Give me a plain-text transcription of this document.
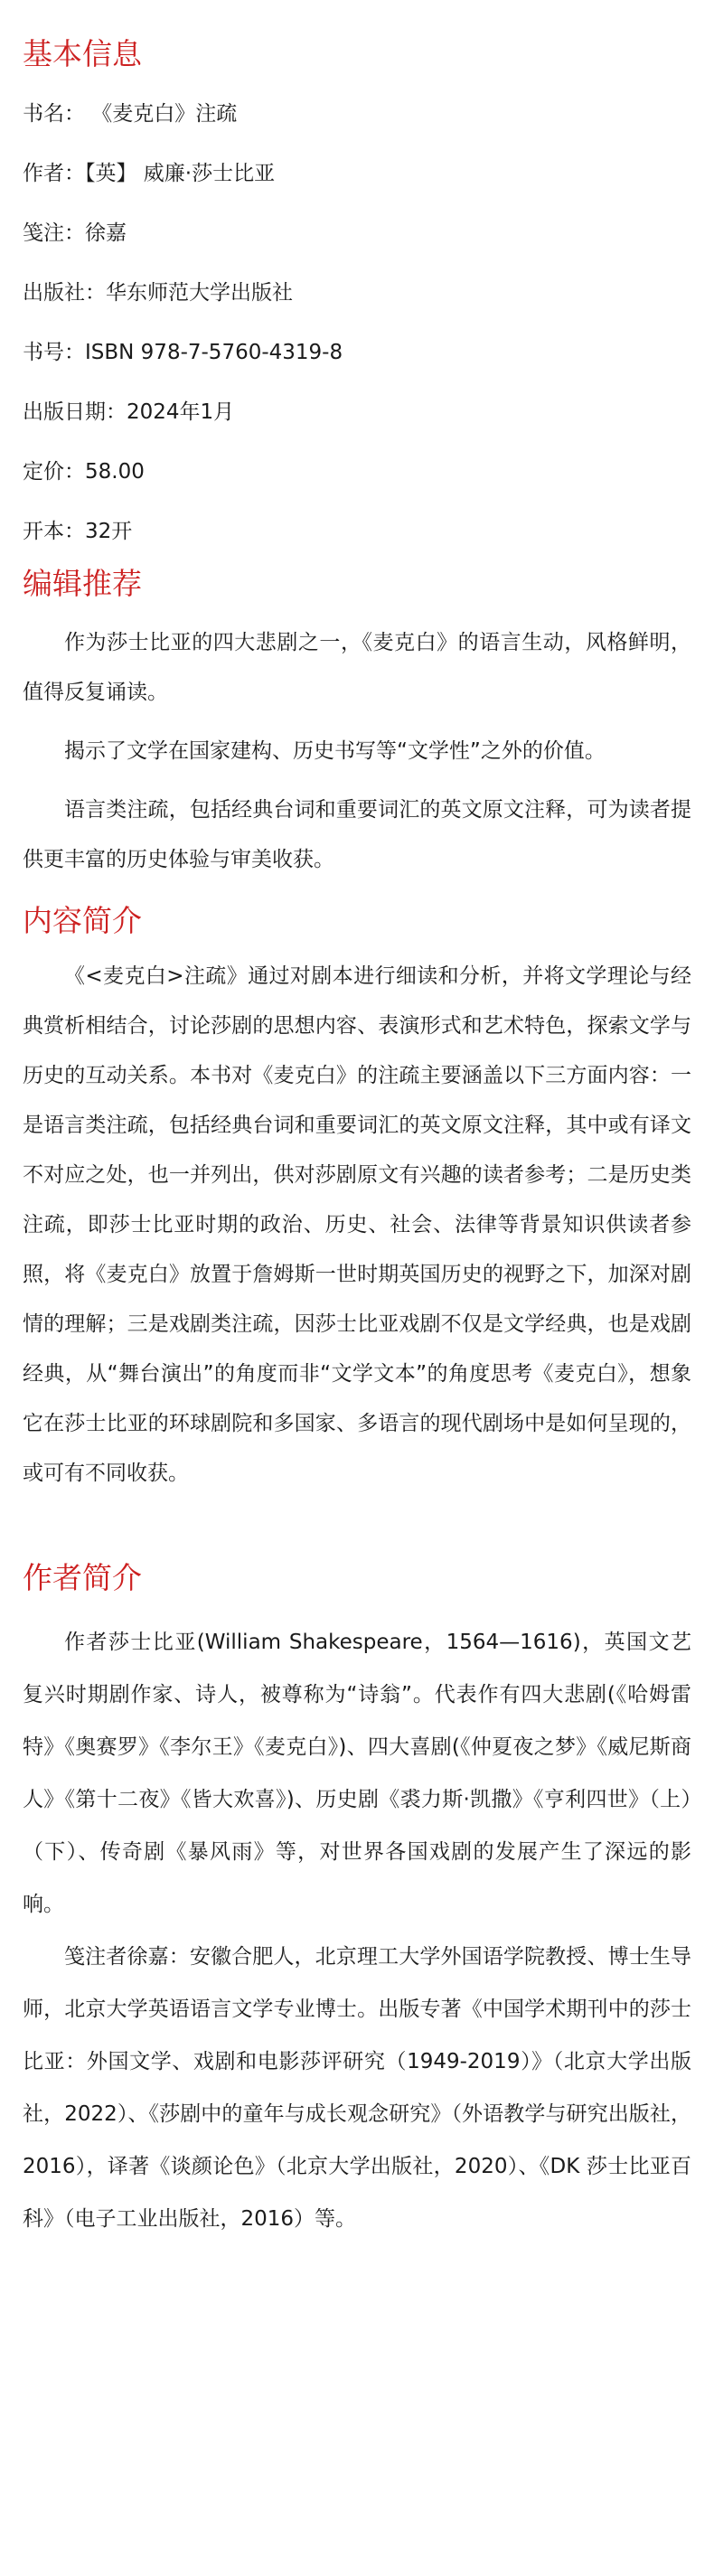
基本信息
书名： 《麦克白》注疏
作者：【英】 威廉·莎士比亚
笺注：徐嘉
出版社：华东师范大学出版社
书号：ISBN 978-7-5760-4319-8
出版日期：2024年1月
定价：58.00
开本：32开
编辑推荐

作为莎士比亚的四大悲剧之一，《麦克白》的语言生动，风格鲜明，值得反复诵读。

揭示了文学在国家建构、历史书写等“文学性”之外的价值。

语言类注疏，包括经典台词和重要词汇的英文原文注释，可为读者提供更丰富的历史体验与审美收获。

内容简介

《<麦克白>注疏》通过对剧本进行细读和分析，并将文学理论与经典赏析相结合，讨论莎剧的思想内容、表演形式和艺术特色，探索文学与历史的互动关系。本书对《麦克白》的注疏主要涵盖以下三方面内容：一是语言类注疏，包括经典台词和重要词汇的英文原文注释，其中或有译文不对应之处，也一并列出，供对莎剧原文有兴趣的读者参考；二是历史类注疏，即莎士比亚时期的政治、历史、社会、法律等背景知识供读者参照，将《麦克白》放置于詹姆斯一世时期英国历史的视野之下，加深对剧情的理解；三是戏剧类注疏，因莎士比亚戏剧不仅是文学经典，也是戏剧经典，从“舞台演出”的角度而非“文学文本”的角度思考《麦克白》，想象它在莎士比亚的环球剧院和多国家、多语言的现代剧场中是如何呈现的，或可有不同收获。

作者简介

作者莎士比亚(William Shakespeare，1564—1616)，英国文艺复兴时期剧作家、诗人，被尊称为“诗翁”。代表作有四大悲剧(《哈姆雷特》《奥赛罗》《李尔王》《麦克白》)、四大喜剧(《仲夏夜之梦》《威尼斯商人》《第十二夜》《皆大欢喜》)、历史剧《裘力斯·凯撒》《亨利四世》（上）（下）、传奇剧《暴风雨》等，对世界各国戏剧的发展产生了深远的影响。

笺注者徐嘉：安徽合肥人，北京理工大学外国语学院教授、博士生导师，北京大学英语语言文学专业博士。出版专著《中国学术期刊中的莎士比亚：外国文学、戏剧和电影莎评研究（1949-2019）》（北京大学出版社，2022）、《莎剧中的童年与成长观念研究》（外语教学与研究出版社，2016），译著《谈颜论色》（北京大学出版社，2020）、《DK 莎士比亚百科》（电子工业出版社，2016）等。
